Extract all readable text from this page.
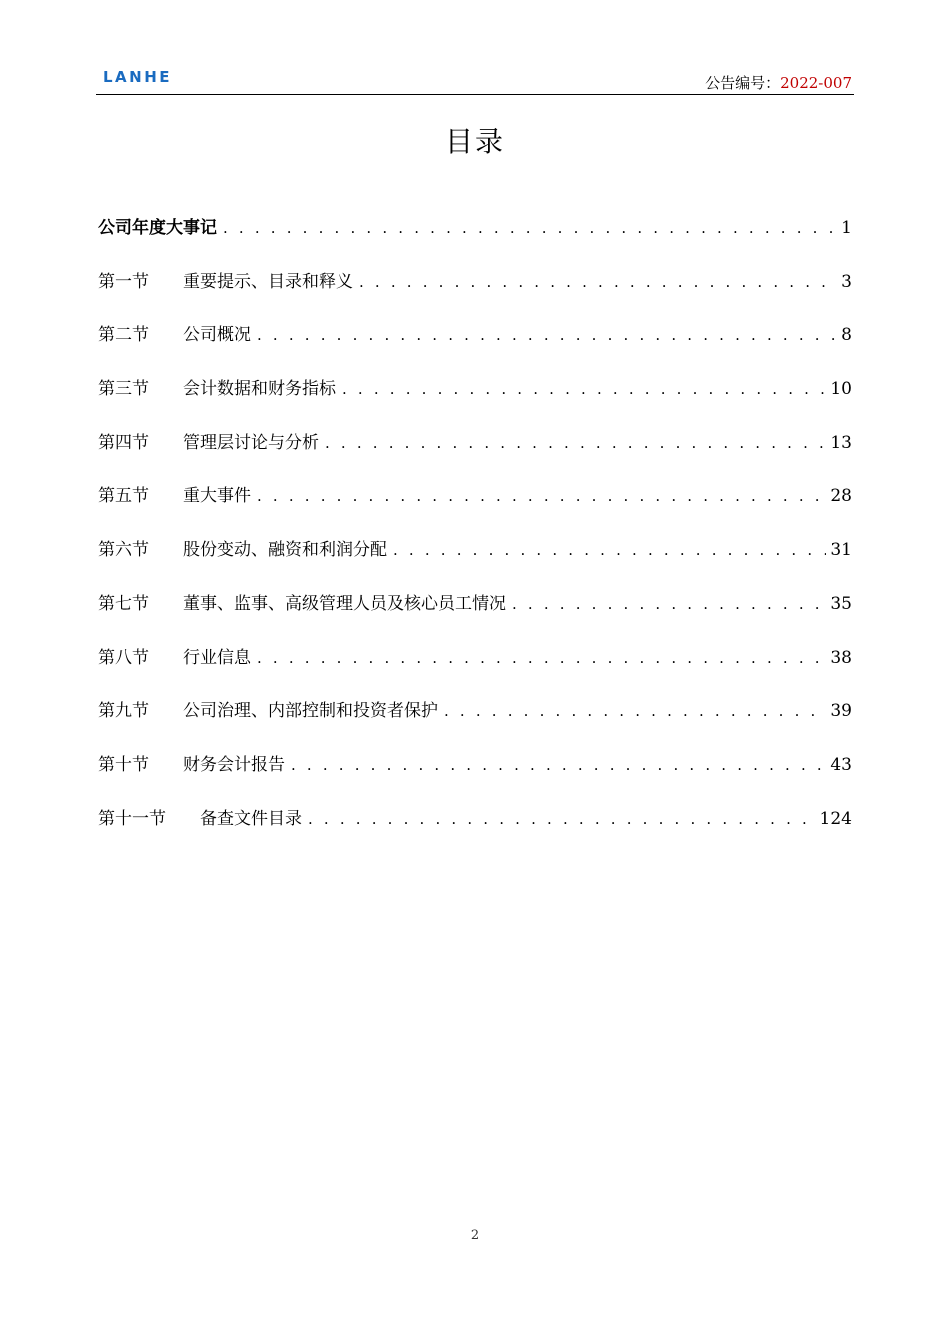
LANHE	公告编号：2022-007
目录
公司年度大事记 . . .	1
第一节	重要提示、目录和释义 . . .	3
第二节	公司概况 . . .	8
第三节	会计数据和财务指标 . . .	10
第四节	管理层讨论与分析 . . .	13
第五节	重大事件 . . .	28
第六节	股份变动、融资和利润分配 . . .	31
第七节	董事、监事、高级管理人员及核心员工情况 . . .	35
第八节	行业信息 . . .	38
第九节	公司治理、内部控制和投资者保护 . . .	39
第十节	财务会计报告 . . .	43
第十一节	备查文件目录 . . .	124
2
